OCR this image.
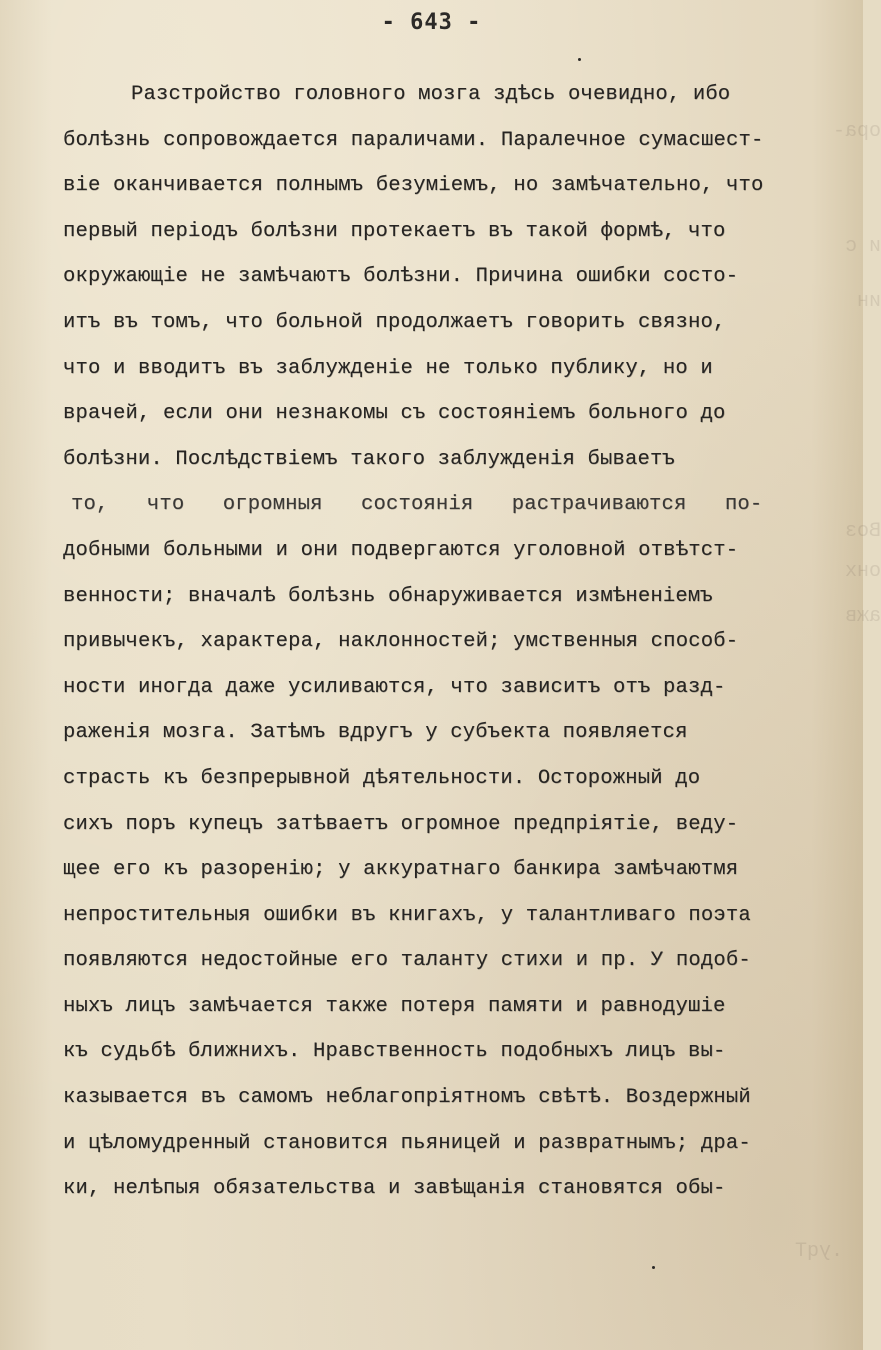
ора-
и с
ин
Воз
онх
ажв
.уqT
- 643 -
Разстройство головного мозга здѣсь очевидно, ибо
болѣзнь сопровождается параличами. Паралечное сумасшест-
віе оканчивается полнымъ безуміемъ, но замѣчательно, что
первый періодъ болѣзни протекаетъ въ такой формѣ, что
окружающіе не замѣчаютъ болѣзни. Причина ошибки состо-
итъ въ томъ, что больной продолжаетъ говорить связно,
что и вводитъ въ заблужденіе не только публику, но и
врачей, если они незнакомы съ состояніемъ больного до
болѣзни. Послѣдствіемъ такого заблужденія бываетъ
то, что огромныя состоянія растрачиваются по-
добными больными и они подвергаются уголовной отвѣтст-
венности; вначалѣ болѣзнь обнаруживается измѣненіемъ
привычекъ, характера, наклонностей; умственныя способ-
ности иногда даже усиливаются, что зависитъ отъ разд-
раженія мозга. Затѣмъ вдругъ у субъекта появляется
страсть къ безпрерывной дѣятельности. Осторожный до
сихъ поръ купецъ затѣваетъ огромное предпріятіе, веду-
щее его къ разоренію; у аккуратнаго банкира замѣчаютмя
непростительныя ошибки въ книгахъ, у талантливаго поэта
появляются недостойные его таланту стихи и пр. У подоб-
ныхъ лицъ замѣчается также потеря памяти и равнодушіе
къ судьбѣ ближнихъ. Нравственность подобныхъ лицъ вы-
казывается въ самомъ неблагопріятномъ свѣтѣ. Воздержный
и цѣломудренный становится пьяницей и развратнымъ; дра-
ки, нелѣпыя обязательства и завѣщанія становятся обы-
